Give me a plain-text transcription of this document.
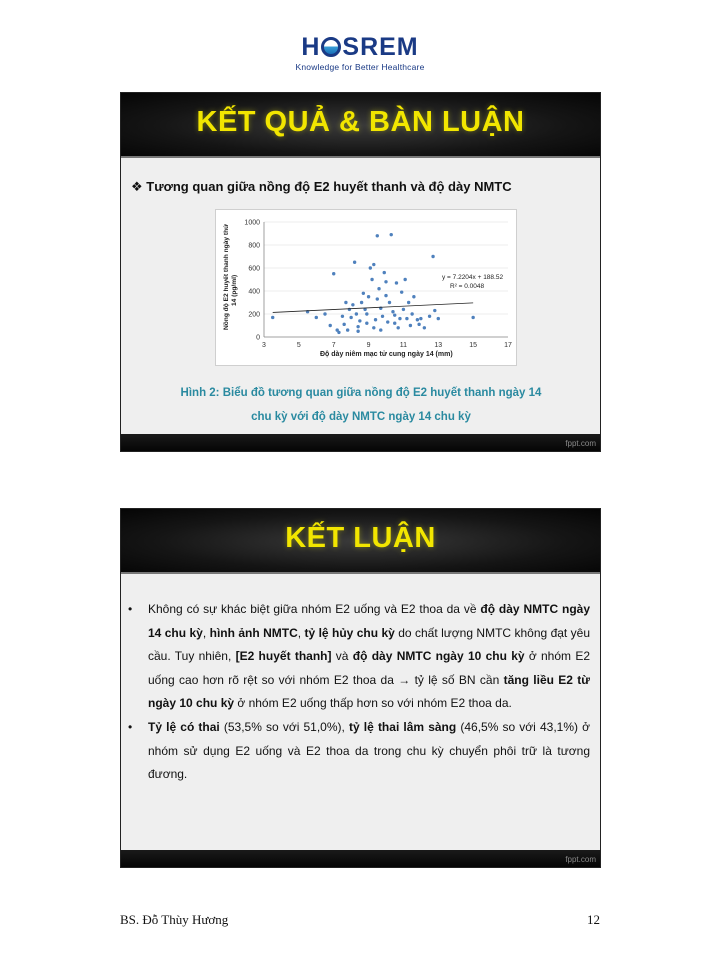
H SREM
Knowledge for Better Healthcare
KẾT QUẢ & BÀN LUẬN
❖ Tương quan giữa nồng độ E2 huyết thanh và độ dày NMTC
0
200
400
600
800
1000
3	5	7	9	11	13	15	17
y = 7.2204x + 188.52
R² = 0.0048
Độ dày niêm mạc tử cung ngày 14 (mm)
Nồng độ E2 huyết thanh ngày thứ 14 (pg/ml)
Hình 2: Biểu đồ tương quan giữa nồng độ E2 huyết thanh ngày 14
chu kỳ với độ dày NMTC ngày 14 chu kỳ
fppt.com
KẾT LUẬN
• Không có sự khác biệt giữa nhóm E2 uống và E2 thoa da về độ dày NMTC ngày 14 chu kỳ, hình ảnh NMTC, tỷ lệ hủy chu kỳ do chất lượng NMTC không đạt yêu cầu. Tuy nhiên, [E2 huyết thanh] và độ dày NMTC ngày 10 chu kỳ ở nhóm E2 uống cao hơn rõ rệt so với nhóm E2 thoa da → tỷ lệ số BN cần tăng liều E2 từ ngày 10 chu kỳ ở nhóm E2 uống thấp hơn so với nhóm E2 thoa da.
• Tỷ lệ có thai (53,5% so với 51,0%), tỷ lệ thai lâm sàng (46,5% so với 43,1%) ở nhóm sử dụng E2 uống và E2 thoa da trong chu kỳ chuyển phôi trữ là tương đương.
fppt.com
BS. Đỗ Thùy Hương	12
